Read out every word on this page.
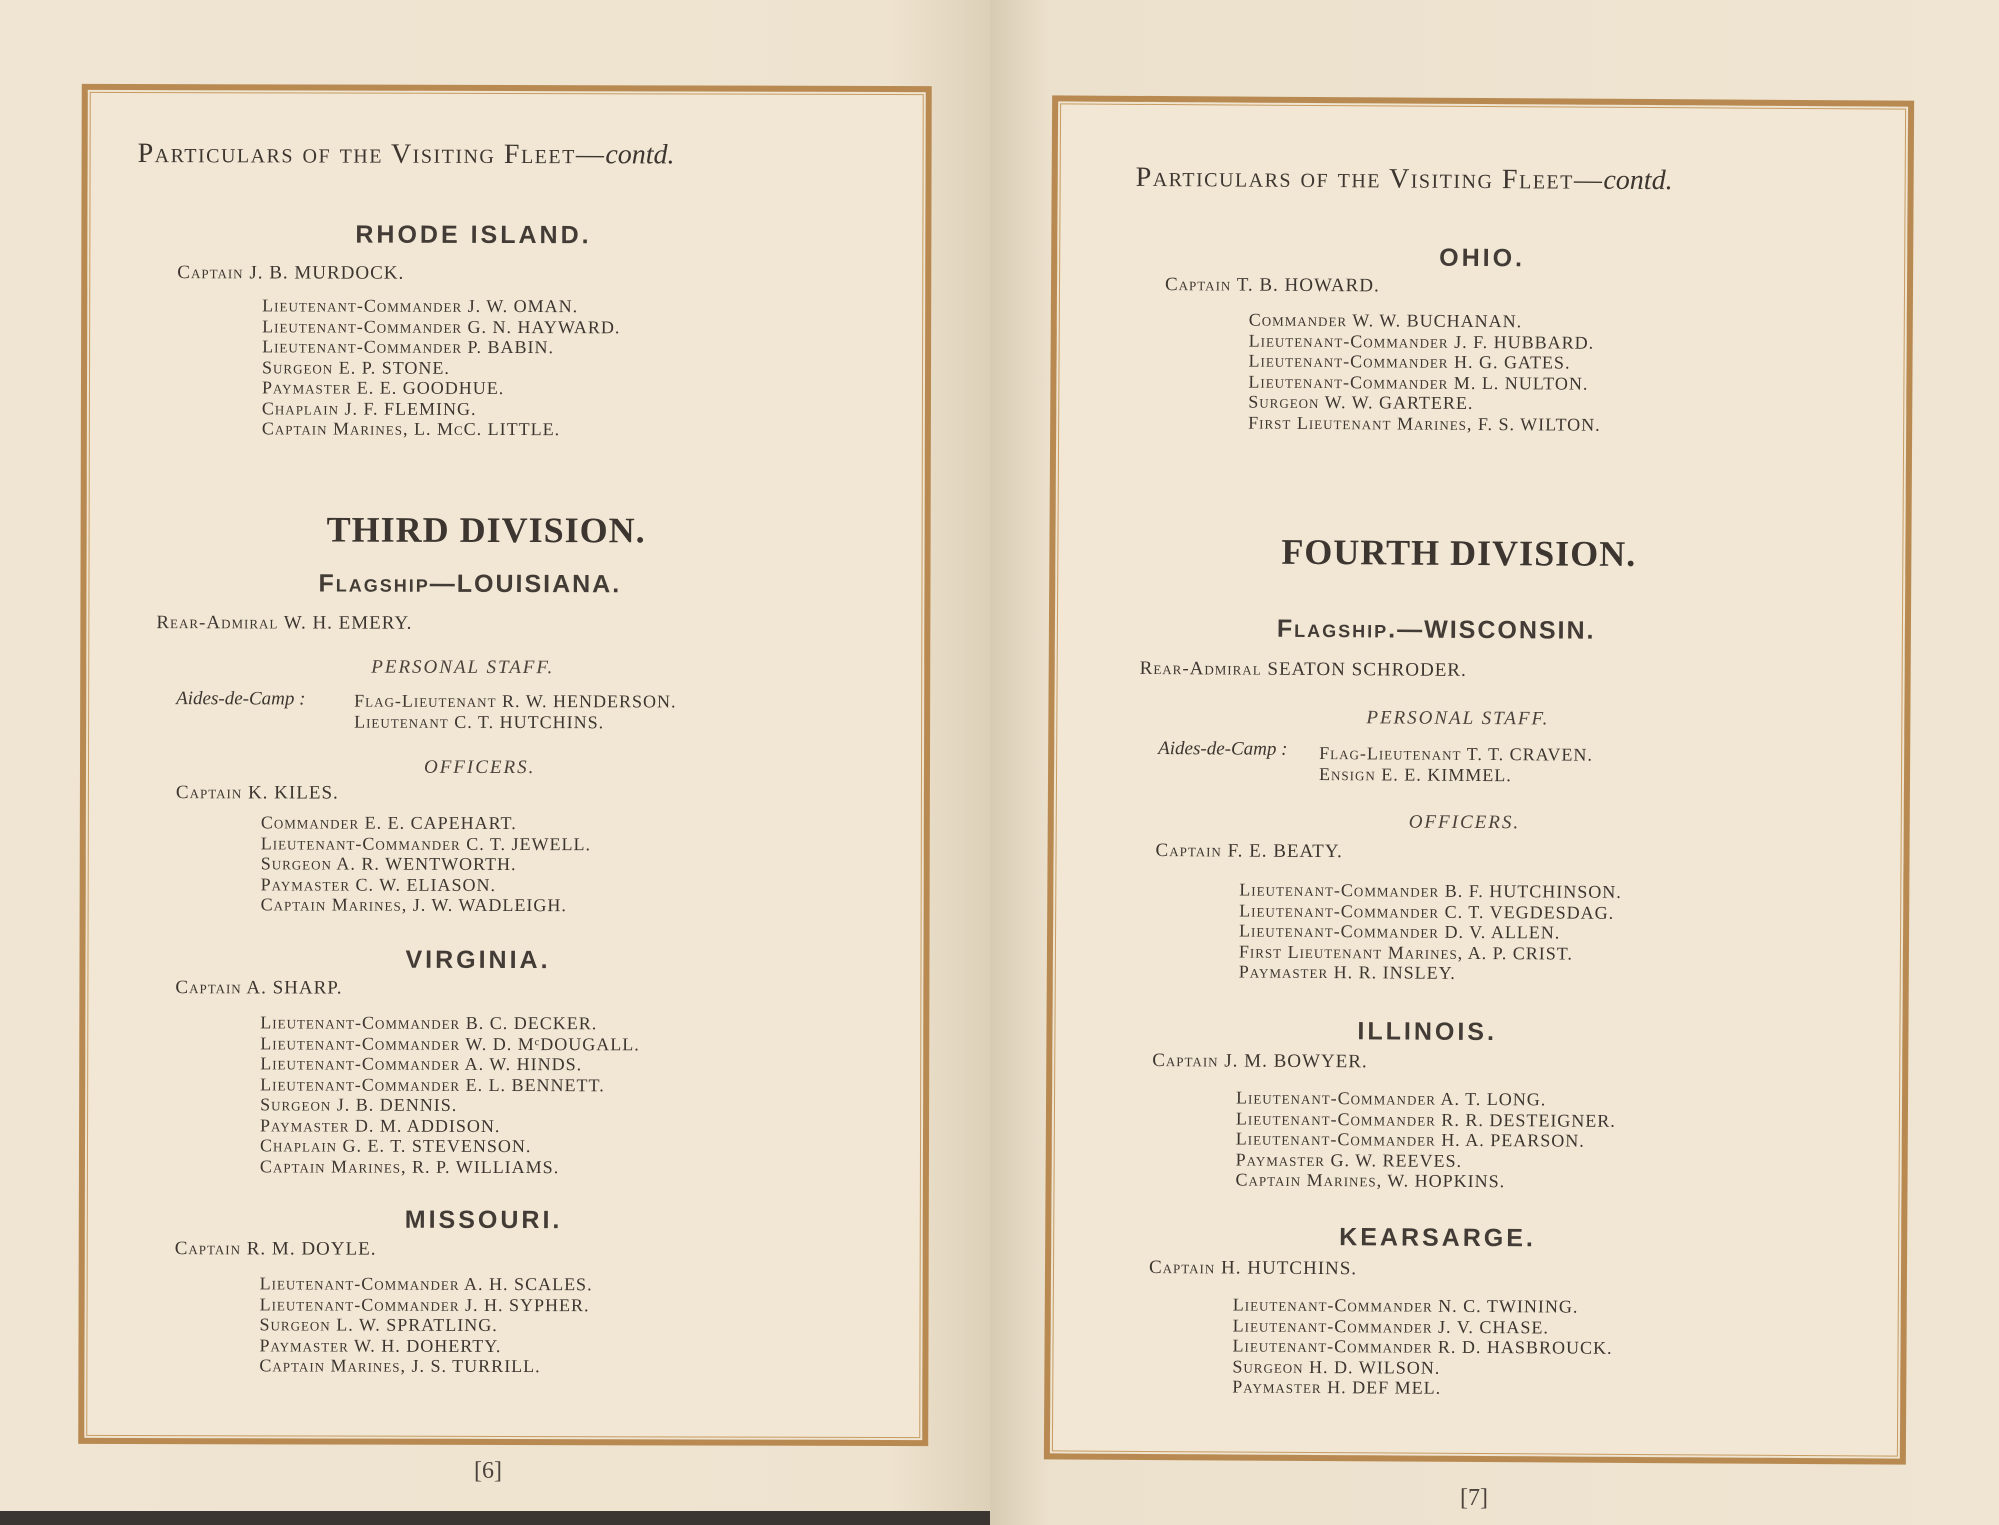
Particulars of the Visiting Fleet—contd.
RHODE ISLAND.
Captain J. B. MURDOCK.
Lieutenant-Commander J. W. OMAN.
Lieutenant-Commander G. N. HAYWARD.
Lieutenant-Commander P. BABIN.
Surgeon E. P. STONE.
Paymaster E. E. GOODHUE.
Chaplain J. F. FLEMING.
Captain Marines, L. McC. LITTLE.
THIRD DIVISION.
Flagship—LOUISIANA.
Rear-Admiral W. H. EMERY.
PERSONAL STAFF.
Aides-de-Camp :	Flag-Lieutenant R. W. HENDERSON.
Lieutenant C. T. HUTCHINS.
OFFICERS.
Captain K. KILES.
Commander E. E. CAPEHART.
Lieutenant-Commander C. T. JEWELL.
Surgeon A. R. WENTWORTH.
Paymaster C. W. ELIASON.
Captain Marines, J. W. WADLEIGH.
VIRGINIA.
Captain A. SHARP.
Lieutenant-Commander B. C. DECKER.
Lieutenant-Commander W. D. MᶜDOUGALL.
Lieutenant-Commander A. W. HINDS.
Lieutenant-Commander E. L. BENNETT.
Surgeon J. B. DENNIS.
Paymaster D. M. ADDISON.
Chaplain G. E. T. STEVENSON.
Captain Marines, R. P. WILLIAMS.
MISSOURI.
Captain R. M. DOYLE.
Lieutenant-Commander A. H. SCALES.
Lieutenant-Commander J. H. SYPHER.
Surgeon L. W. SPRATLING.
Paymaster W. H. DOHERTY.
Captain Marines, J. S. TURRILL.
[6]
Particulars of the Visiting Fleet—contd.
OHIO.
Captain T. B. HOWARD.
Commander W. W. BUCHANAN.
Lieutenant-Commander J. F. HUBBARD.
Lieutenant-Commander H. G. GATES.
Lieutenant-Commander M. L. NULTON.
Surgeon W. W. GARTERE.
First Lieutenant Marines, F. S. WILTON.
FOURTH DIVISION.
Flagship.—WISCONSIN.
Rear-Admiral SEATON SCHRODER.
PERSONAL STAFF.
Aides-de-Camp : Flag-Lieutenant T. T. CRAVEN.
Ensign E. E. KIMMEL.
OFFICERS.
Captain F. E. BEATY.
Lieutenant-Commander B. F. HUTCHINSON.
Lieutenant-Commander C. T. VEGDESDAG.
Lieutenant-Commander D. V. ALLEN.
First Lieutenant Marines, A. P. CRIST.
Paymaster H. R. INSLEY.
ILLINOIS.
Captain J. M. BOWYER.
Lieutenant-Commander A. T. LONG.
Lieutenant-Commander R. R. DESTEIGNER.
Lieutenant-Commander H. A. PEARSON.
Paymaster G. W. REEVES.
Captain Marines, W. HOPKINS.
KEARSARGE.
Captain H. HUTCHINS.
Lieutenant-Commander N. C. TWINING.
Lieutenant-Commander J. V. CHASE.
Lieutenant-Commander R. D. HASBROUCK.
Surgeon H. D. WILSON.
Paymaster H. DEF MEL.
[7]
